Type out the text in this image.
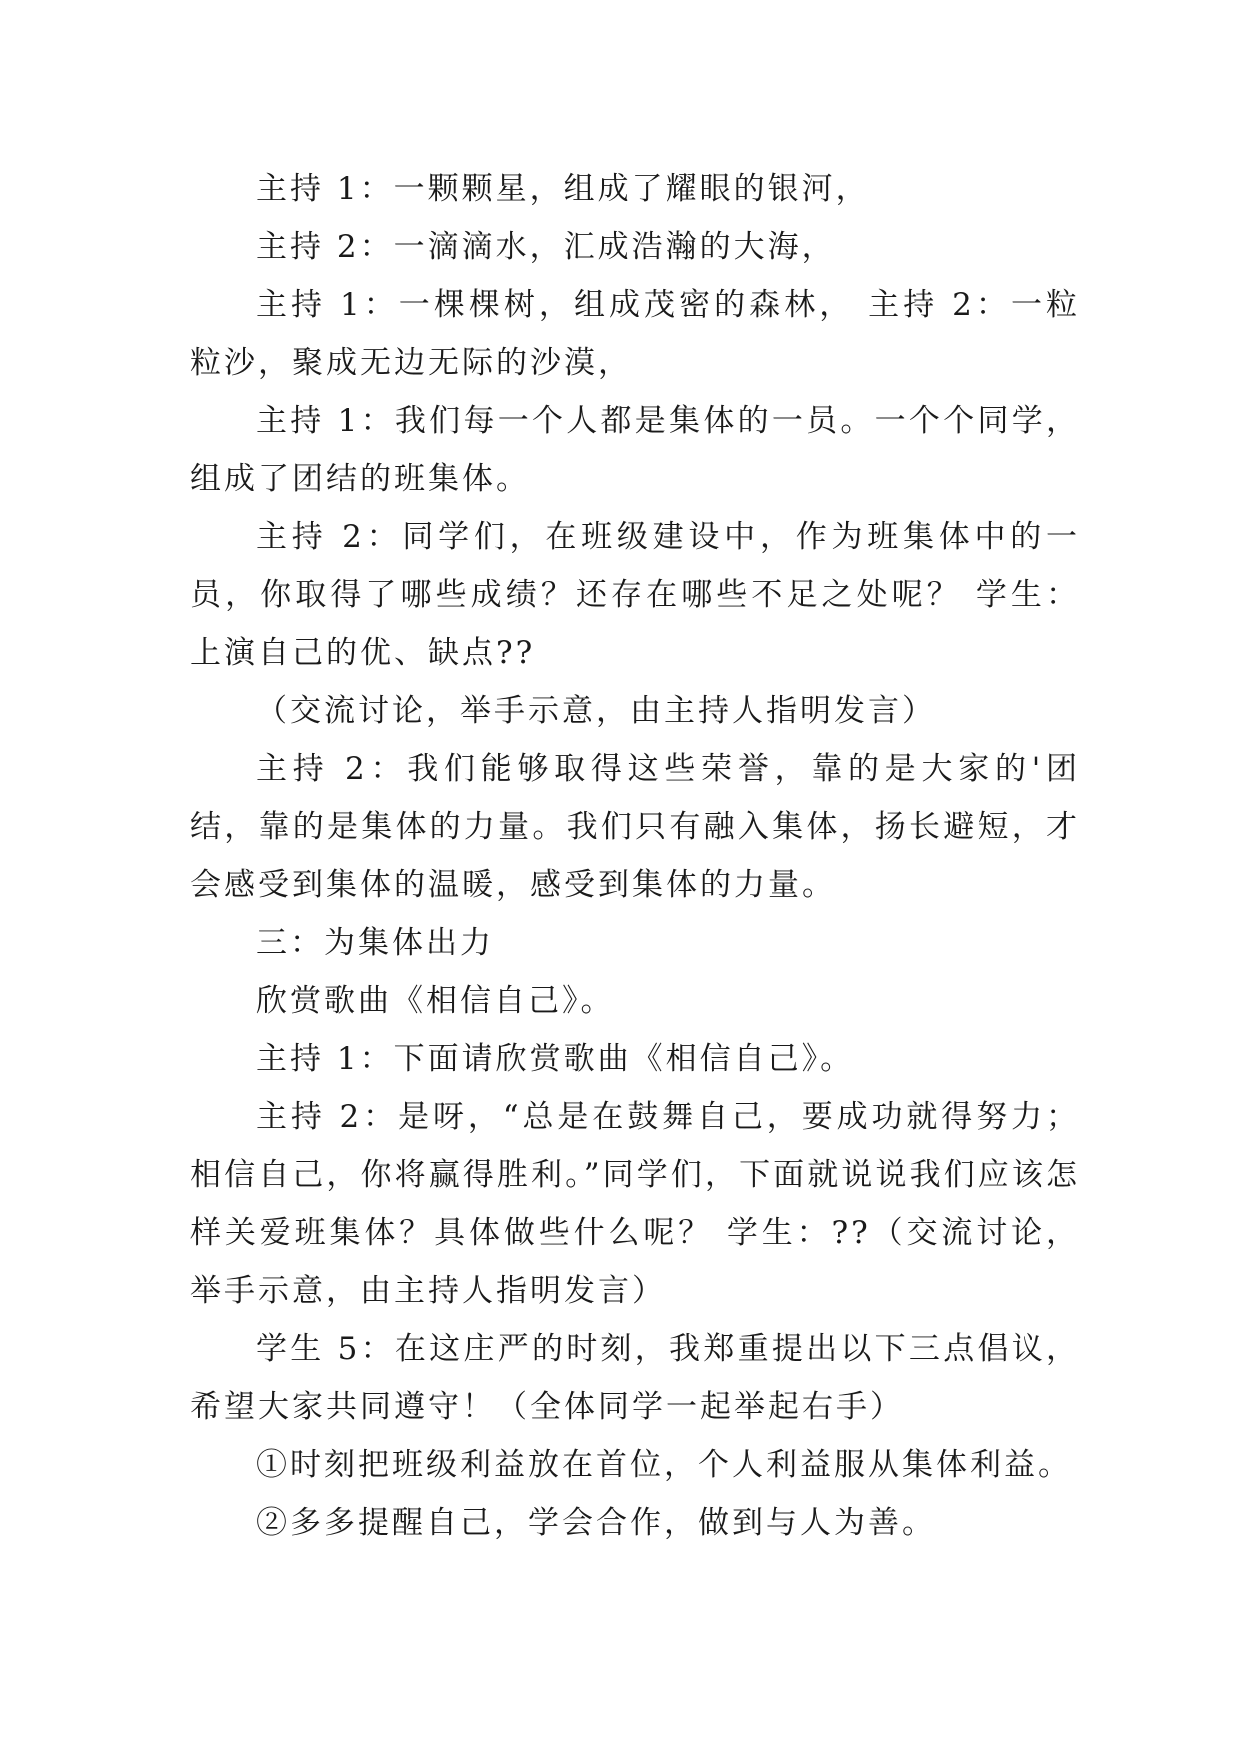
主持 1：一颗颗星，组成了耀眼的银河，

主持 2：一滴滴水，汇成浩瀚的大海，

主持 1：一棵棵树，组成茂密的森林， 主持 2：一粒粒沙，聚成无边无际的沙漠，

主持 1：我们每一个人都是集体的一员。一个个同学，组成了团结的班集体。

主持 2：同学们，在班级建设中，作为班集体中的一员，你取得了哪些成绩？还存在哪些不足之处呢？ 学生：上演自己的优、缺点??

（交流讨论，举手示意，由主持人指明发言）

主持 2：我们能够取得这些荣誉，靠的是大家的'团结，靠的是集体的力量。我们只有融入集体，扬长避短，才会感受到集体的温暖，感受到集体的力量。

三：为集体出力

欣赏歌曲《相信自己》。

主持 1：下面请欣赏歌曲《相信自己》。

主持 2：是呀，“总是在鼓舞自己，要成功就得努力；相信自己，你将赢得胜利。”同学们，下面就说说我们应该怎样关爱班集体？具体做些什么呢？ 学生：??（交流讨论，举手示意，由主持人指明发言）

学生 5：在这庄严的时刻，我郑重提出以下三点倡议，希望大家共同遵守！（全体同学一起举起右手）

①时刻把班级利益放在首位，个人利益服从集体利益。

②多多提醒自己，学会合作，做到与人为善。
